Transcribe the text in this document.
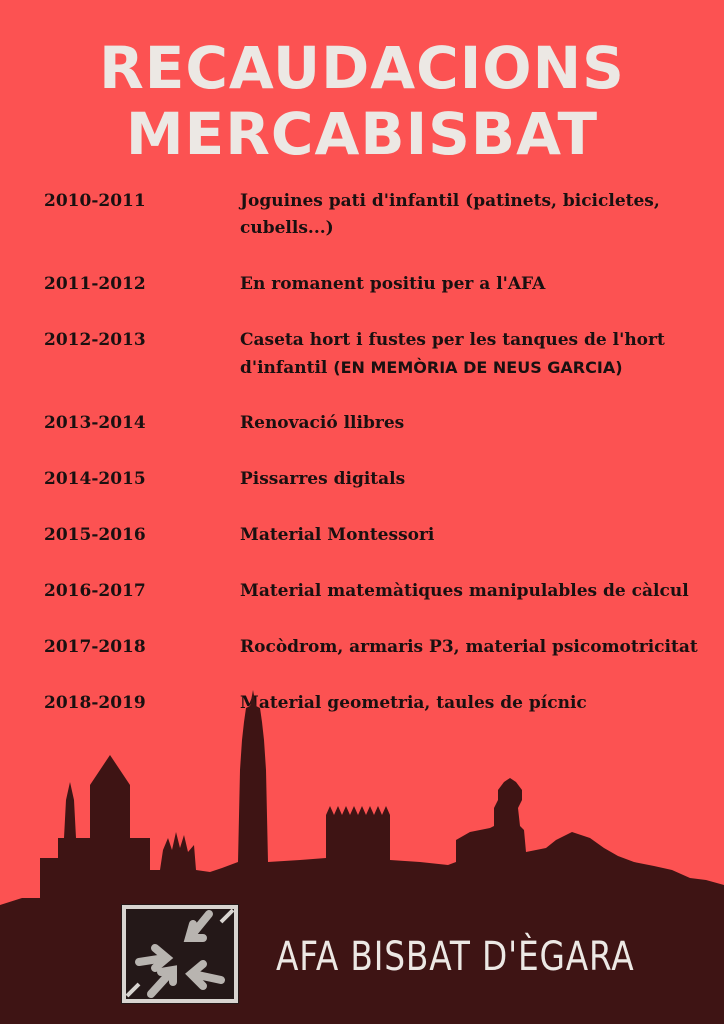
RECAUDACIONS
MERCABISBAT
2010-2011	Joguines pati d'infantil (patinets, bicicletes, cubells...)
2011-2012	En romanent positiu per a l'AFA
2012-2013	Caseta hort i fustes per les tanques de l'hort d'infantil (EN MEMÒRIA DE NEUS GARCIA)
2013-2014	Renovació llibres
2014-2015	Pissarres digitals
2015-2016	Material Montessori
2016-2017	Material matemàtiques manipulables de càlcul
2017-2018	Rocòdrom, armaris P3, material psicomotricitat
2018-2019	Material geometria, taules de pícnic
AFA BISBAT D'ÈGARA
